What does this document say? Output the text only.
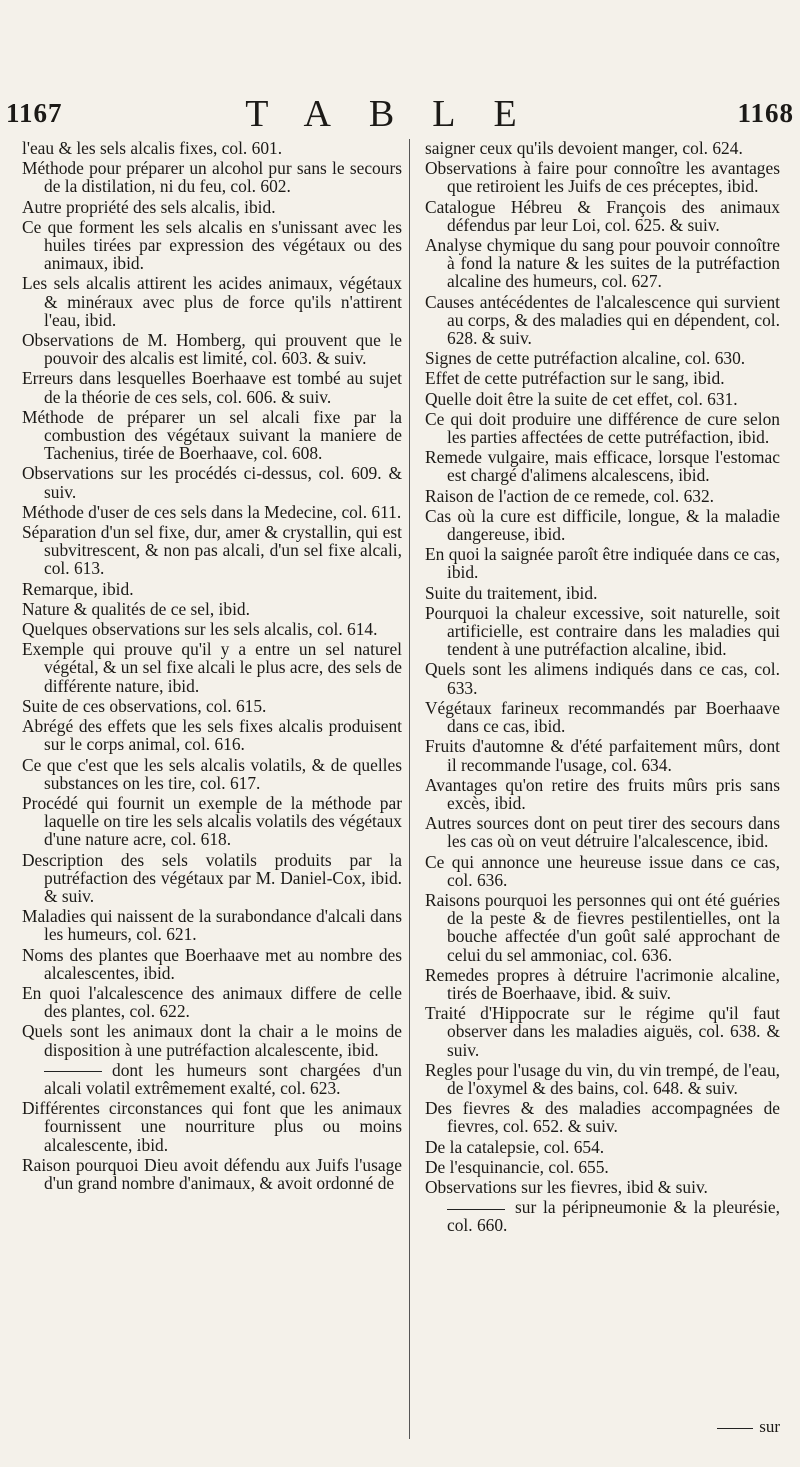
1167	TABLE	1168

l'eau & les sels alcalis fixes, col. 601.

Méthode pour préparer un alcohol pur sans le secours de la distilation, ni du feu, col. 602.

Autre propriété des sels alcalis, ibid.

Ce que forment les sels alcalis en s'unissant avec les huiles tirées par expression des végétaux ou des animaux, ibid.

Les sels alcalis attirent les acides animaux, végétaux & minéraux avec plus de force qu'ils n'attirent l'eau, ibid.

Observations de M. Homberg, qui prouvent que le pouvoir des alcalis est limité, col. 603. & suiv.

Erreurs dans lesquelles Boerhaave est tombé au sujet de la théorie de ces sels, col. 606. & suiv.

Méthode de préparer un sel alcali fixe par la combustion des végétaux suivant la maniere de Tachenius, tirée de Boerhaave, col. 608.

Observations sur les procédés ci-dessus, col. 609. & suiv.

Méthode d'user de ces sels dans la Medecine, col. 611.

Séparation d'un sel fixe, dur, amer & crystallin, qui est subvitrescent, & non pas alcali, d'un sel fixe alcali, col. 613.

Remarque, ibid.

Nature & qualités de ce sel, ibid.

Quelques observations sur les sels alcalis, col. 614.

Exemple qui prouve qu'il y a entre un sel naturel végétal, & un sel fixe alcali le plus acre, des sels de différente nature, ibid.

Suite de ces observations, col. 615.

Abrégé des effets que les sels fixes alcalis produisent sur le corps animal, col. 616.

Ce que c'est que les sels alcalis volatils, & de quelles substances on les tire, col. 617.

Procédé qui fournit un exemple de la méthode par laquelle on tire les sels alcalis volatils des végétaux d'une nature acre, col. 618.

Description des sels volatils produits par la putréfaction des végétaux par M. Daniel-Cox, ibid. & suiv.

Maladies qui naissent de la surabondance d'alcali dans les humeurs, col. 621.

Noms des plantes que Boerhaave met au nombre des alcalescentes, ibid.

En quoi l'alcalescence des animaux differe de celle des plantes, col. 622.

Quels sont les animaux dont la chair a le moins de disposition à une putréfaction alcalescente, ibid.

dont les humeurs sont chargées d'un alcali volatil extrêmement exalté, col. 623.

Différentes circonstances qui font que les animaux fournissent une nourriture plus ou moins alcalescente, ibid.

Raison pourquoi Dieu avoit défendu aux Juifs l'usage d'un grand nombre d'animaux, & avoit ordonné de

saigner ceux qu'ils devoient manger, col. 624.

Observations à faire pour connoître les avantages que retiroient les Juifs de ces préceptes, ibid.

Catalogue Hébreu & François des animaux défendus par leur Loi, col. 625. & suiv.

Analyse chymique du sang pour pouvoir connoître à fond la nature & les suites de la putréfaction alcaline des humeurs, col. 627.

Causes antécédentes de l'alcalescence qui survient au corps, & des maladies qui en dépendent, col. 628. & suiv.

Signes de cette putréfaction alcaline, col. 630.

Effet de cette putréfaction sur le sang, ibid.

Quelle doit être la suite de cet effet, col. 631.

Ce qui doit produire une différence de cure selon les parties affectées de cette putréfaction, ibid.

Remede vulgaire, mais efficace, lorsque l'estomac est chargé d'alimens alcalescens, ibid.

Raison de l'action de ce remede, col. 632.

Cas où la cure est difficile, longue, & la maladie dangereuse, ibid.

En quoi la saignée paroît être indiquée dans ce cas, ibid.

Suite du traitement, ibid.

Pourquoi la chaleur excessive, soit naturelle, soit artificielle, est contraire dans les maladies qui tendent à une putréfaction alcaline, ibid.

Quels sont les alimens indiqués dans ce cas, col. 633.

Végétaux farineux recommandés par Boerhaave dans ce cas, ibid.

Fruits d'automne & d'été parfaitement mûrs, dont il recommande l'usage, col. 634.

Avantages qu'on retire des fruits mûrs pris sans excès, ibid.

Autres sources dont on peut tirer des secours dans les cas où on veut détruire l'alcalescence, ibid.

Ce qui annonce une heureuse issue dans ce cas, col. 636.

Raisons pourquoi les personnes qui ont été guéries de la peste & de fievres pestilentielles, ont la bouche affectée d'un goût salé approchant de celui du sel ammoniac, col. 636.

Remedes propres à détruire l'acrimonie alcaline, tirés de Boerhaave, ibid. & suiv.

Traité d'Hippocrate sur le régime qu'il faut observer dans les maladies aiguës, col. 638. & suiv.

Regles pour l'usage du vin, du vin trempé, de l'eau, de l'oxymel & des bains, col. 648. & suiv.

Des fievres & des maladies accompagnées de fievres, col. 652. & suiv.

De la catalepsie, col. 654.

De l'esquinancie, col. 655.

Observations sur les fievres, ibid & suiv.

sur la péripneumonie & la pleurésie, col. 660.

sur
